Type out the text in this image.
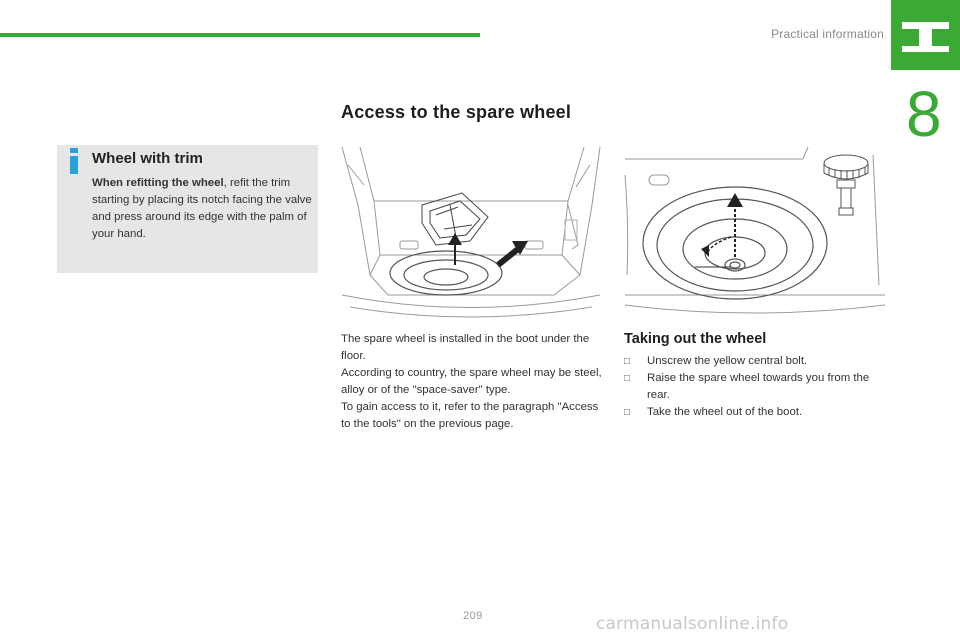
Practical information
8
Wheel with trim
When refitting the wheel, refit the trim starting by placing its notch facing the valve and press around its edge with the palm of your hand.
Access to the spare wheel

The spare wheel is installed in the boot under the floor.

According to country, the spare wheel may be steel, alloy or of the "space-saver" type.

To gain access to it, refer to the paragraph "Access to the tools" on the previous page.

Taking out the wheel
□ Unscrew the yellow central bolt.
□ Raise the spare wheel towards you from the rear.
□ Take the wheel out of the boot.
209	carmanualsonline.info
